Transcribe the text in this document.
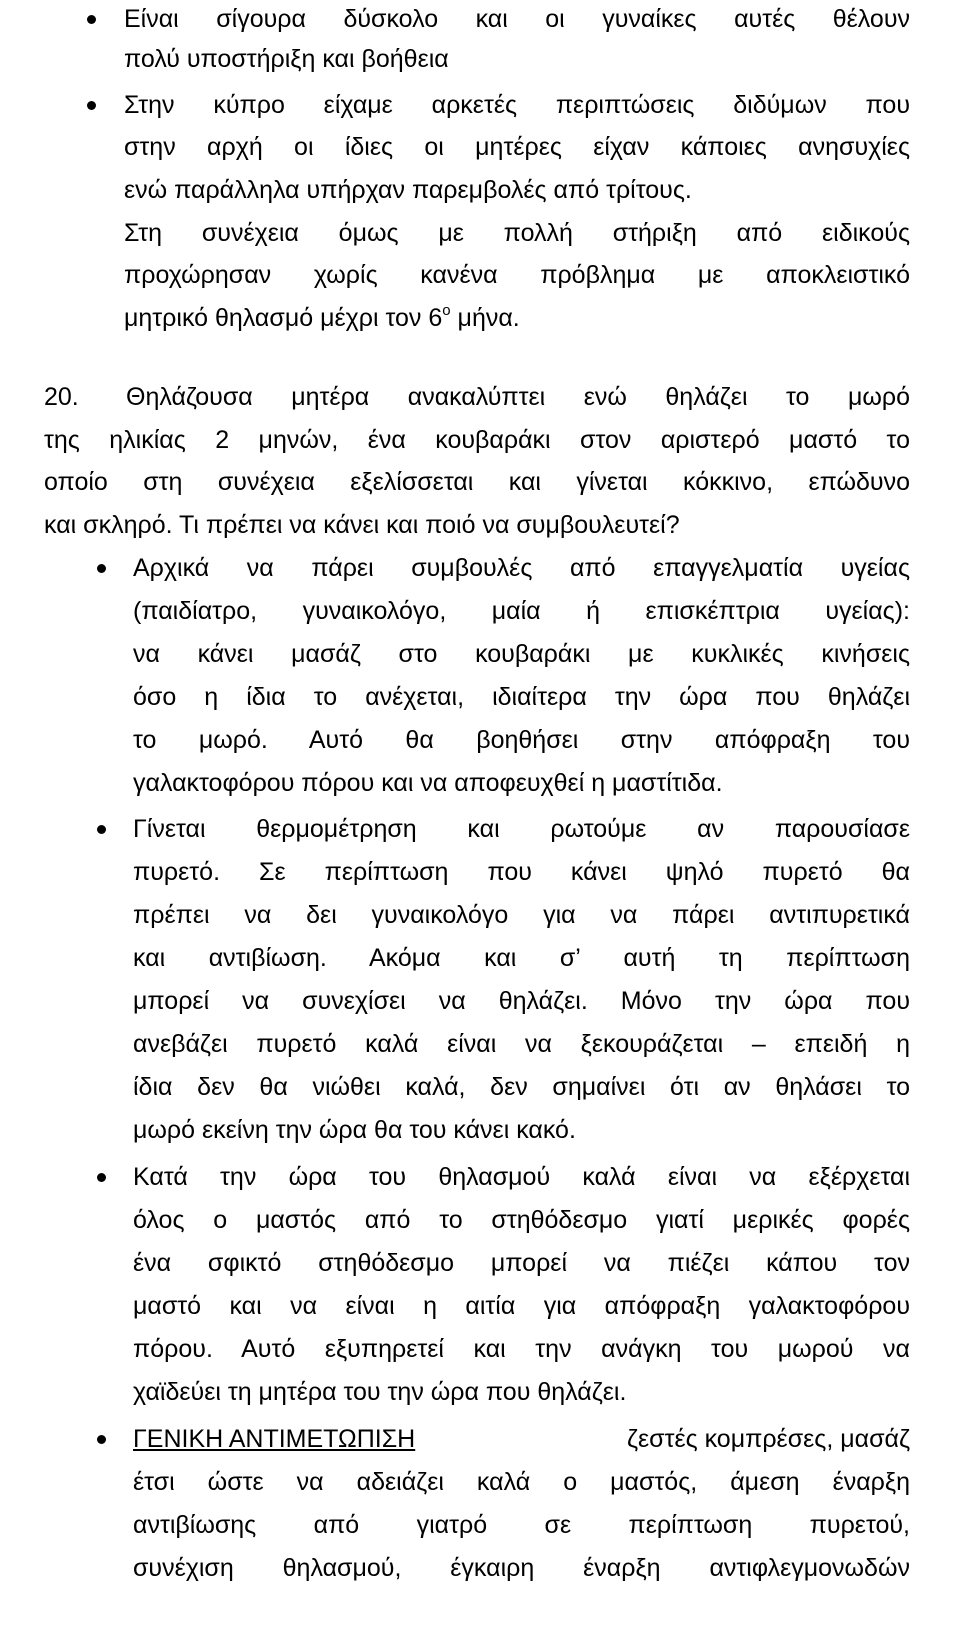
Είναι σίγουρα δύσκολο και οι γυναίκες αυτές θέλουν
πολύ υποστήριξη και βοήθεια
Στην κύπρο είχαμε αρκετές περιπτώσεις διδύμων που
στην αρχή οι ίδιες οι μητέρες είχαν κάποιες ανησυχίες
ενώ παράλληλα υπήρχαν παρεμβολές από τρίτους.
Στη συνέχεια όμως με πολλή στήριξη από ειδικούς
προχώρησαν χωρίς κανένα πρόβλημα με αποκλειστικό
μητρικό θηλασμό μέχρι τον $6^o$ μήνα.
20. Θηλάζουσα μητέρα ανακαλύπτει ενώ θηλάζει το μωρό
της ηλικίας 2 μηνών, ένα κουβαράκι στον αριστερό μαστό το
οποίο στη συνέχεια εξελίσσεται και γίνεται κόκκινο, επώδυνο
και σκληρό. Τι πρέπει να κάνει και ποιό να συμβουλευτεί?
Αρχικά να πάρει συμβουλές από επαγγελματία υγείας
(παιδίατρο, γυναικολόγο, μαία ή επισκέπτρια υγείας):
να κάνει μασάζ στο κουβαράκι με κυκλικές κινήσεις
όσο η ίδια το ανέχεται, ιδιαίτερα την ώρα που θηλάζει
το μωρό. Αυτό θα βοηθήσει στην απόφραξη του
γαλακτοφόρου πόρου και να αποφευχθεί η μαστίτιδα.
Γίνεται θερμομέτρηση και ρωτούμε αν παρουσίασε
πυρετό. Σε περίπτωση που κάνει ψηλό πυρετό θα
πρέπει να δει γυναικολόγο για να πάρει αντιπυρετικά
και αντιβίωση. Ακόμα και σ’ αυτή τη περίπτωση
μπορεί να συνεχίσει να θηλάζει. Μόνο την ώρα που
ανεβάζει πυρετό καλά είναι να ξεκουράζεται – επειδή η
ίδια δεν θα νιώθει καλά, δεν σημαίνει ότι αν θηλάσει το
μωρό εκείνη την ώρα θα του κάνει κακό.
Κατά την ώρα του θηλασμού καλά είναι να εξέρχεται
όλος ο μαστός από το στηθόδεσμο γιατί μερικές φορές
ένα σφικτό στηθόδεσμο μπορεί να πιέζει κάπου τον
μαστό και να είναι η αιτία για απόφραξη γαλακτοφόρου
πόρου. Αυτό εξυπηρετεί και την ανάγκη του μωρού να
χαϊδεύει τη μητέρα του την ώρα που θηλάζει.
ΓΕΝΙΚΗ ΑΝΤΙΜΕΤΩΠΙΣΗ	ζεστές κομπρέσες, μασάζ
έτσι ώστε να αδειάζει καλά ο μαστός, άμεση έναρξη
αντιβίωσης από γιατρό σε περίπτωση πυρετού,
συνέχιση θηλασμού, έγκαιρη έναρξη αντιφλεγμονωδών
